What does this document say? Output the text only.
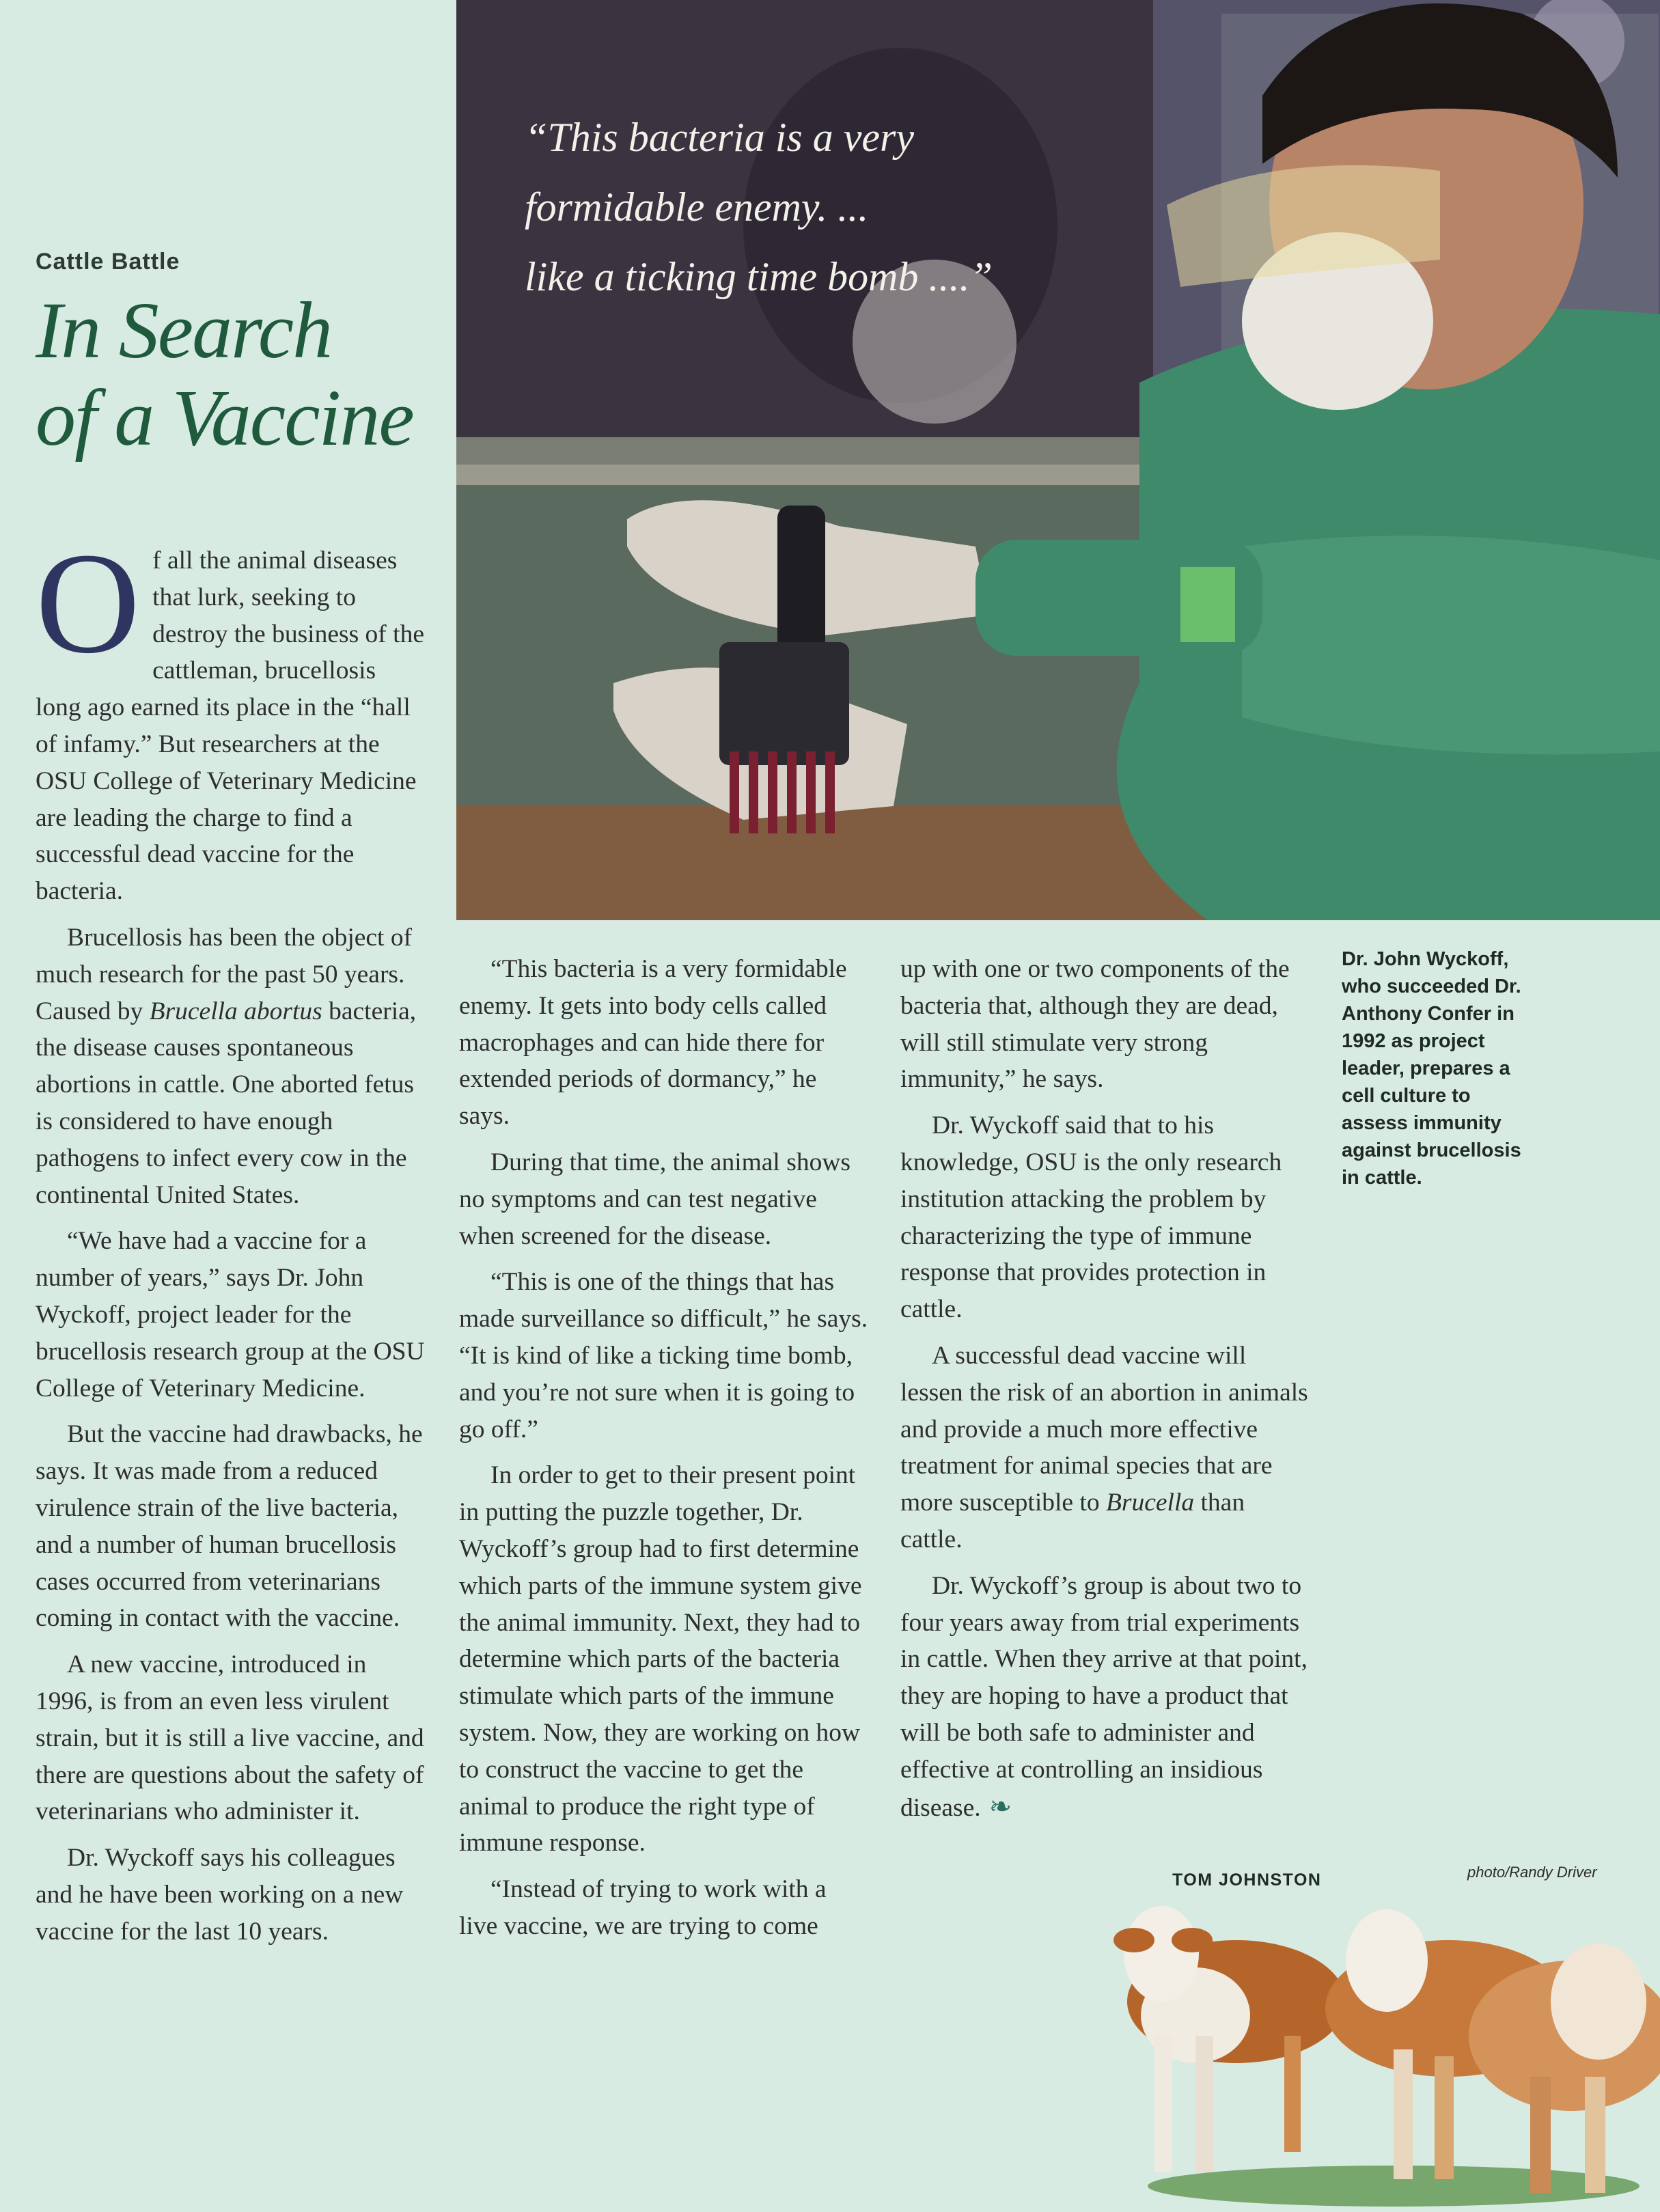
Cattle Battle
In Search
of a Vaccine
“This bacteria is a very
formidable enemy. ...
like a ticking time bomb ....”

Of all the animal diseases that lurk, seeking to destroy the business of the cattleman, brucellosis long ago earned its place in the “hall of infamy.” But researchers at the OSU College of Veterinary Medicine are leading the charge to find a successful dead vaccine for the bacteria.

Brucellosis has been the object of much research for the past 50 years. Caused by Brucella abortus bacteria, the disease causes spontaneous abortions in cattle. One aborted fetus is considered to have enough pathogens to infect every cow in the continental United States.

“We have had a vaccine for a number of years,” says Dr. John Wyckoff, project leader for the brucellosis research group at the OSU College of Veterinary Medicine.

But the vaccine had drawbacks, he says. It was made from a reduced virulence strain of the live bacteria, and a number of human brucellosis cases occurred from veterinarians coming in contact with the vaccine.

A new vaccine, introduced in 1996, is from an even less virulent strain, but it is still a live vaccine, and there are questions about the safety of veterinarians who administer it.

Dr. Wyckoff says his colleagues and he have been working on a new vaccine for the last 10 years.

“This bacteria is a very formidable enemy. It gets into body cells called macrophages and can hide there for extended periods of dormancy,” he says.

During that time, the animal shows no symptoms and can test negative when screened for the disease.

“This is one of the things that has made surveillance so difficult,” he says. “It is kind of like a ticking time bomb, and you’re not sure when it is going to go off.”

In order to get to their present point in putting the puzzle together, Dr. Wyckoff’s group had to first determine which parts of the immune system give the animal immunity. Next, they had to determine which parts of the bacteria stimulate which parts of the immune system. Now, they are working on how to construct the vaccine to get the animal to produce the right type of immune response.

“Instead of trying to work with a live vaccine, we are trying to come

up with one or two components of the bacteria that, although they are dead, will still stimulate very strong immunity,” he says.

Dr. Wyckoff said that to his knowledge, OSU is the only research institution attacking the problem by characterizing the type of immune response that provides protection in cattle.

A successful dead vaccine will lessen the risk of an abortion in animals and provide a much more effective treatment for animal species that are more susceptible to Brucella than cattle.

Dr. Wyckoff’s group is about two to four years away from trial experiments in cattle. When they arrive at that point, they are hoping to have a product that will be both safe to administer and effective at controlling an insidious disease. ❧

Dr. John Wyckoff, who succeeded Dr. Anthony Confer in 1992 as project leader, prepares a cell culture to assess immunity against brucellosis in cattle.
TOM JOHNSTON	photo/Randy Driver
